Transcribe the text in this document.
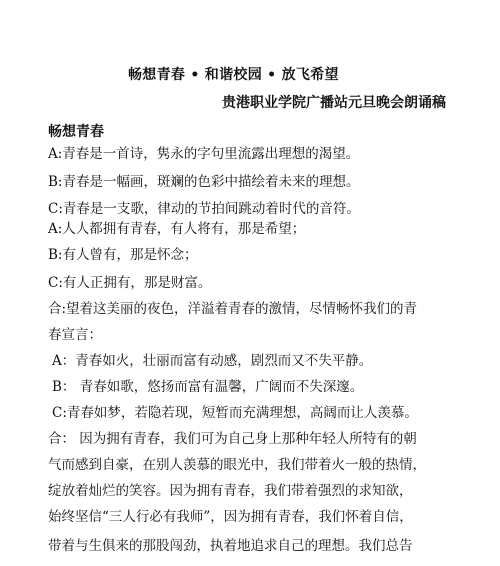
畅想青春 • 和谐校园 • 放飞希望
贵港职业学院广播站元旦晚会朗诵稿
畅想青春
A:青春是一首诗，隽永的字句里流露出理想的渴望。
B:青春是一幅画，斑斓的色彩中描绘着未来的理想。
C:青春是一支歌，律动的节拍间跳动着时代的音符。
A:人人都拥有青春，有人将有，那是希望；
B:有人曾有，那是怀念；
C:有人正拥有，那是财富。
合:望着这美丽的夜色，洋溢着青春的激情，尽情畅怀我们的青
春宣言：
A：青春如火，壮丽而富有动感，剧烈而又不失平静。
B： 青春如歌，悠扬而富有温馨，广阔而不失深邃。
C:青春如梦，若隐若现，短暂而充满理想，高阔而让人羡慕。
合： 因为拥有青春，我们可为自己身上那种年轻人所特有的朝
气而感到自豪，在别人羡慕的眼光中，我们带着火一般的热情，
绽放着灿烂的笑容。因为拥有青春，我们带着强烈的求知欲，
始终坚信“三人行必有我师”，因为拥有青春，我们怀着自信，
带着与生俱来的那股闯劲，执着地追求自己的理想。我们总告
